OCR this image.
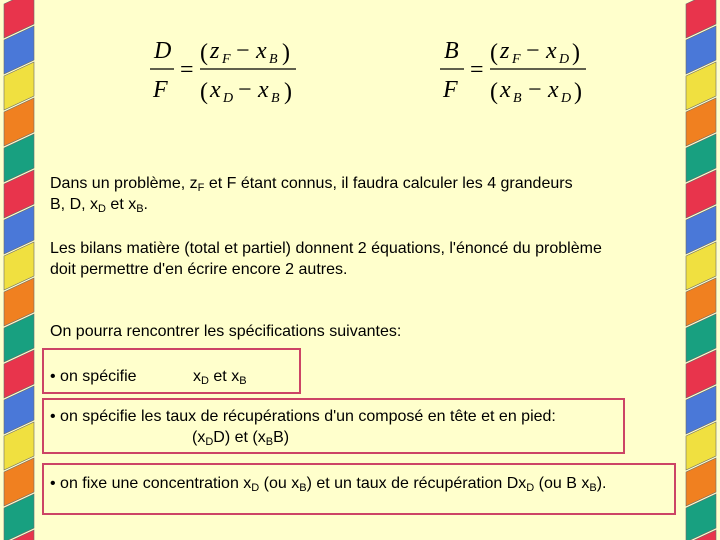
D
F
=
( z F − x B )
( x D − x B )
B
F
=
( z F − x D )
( x B − x D )
Dans un problème, $z_F$ et F étant connus, il faudra calculer les 4 grandeurs
B, D, $x_D$ et $x_B$.
Les bilans matière (total et partiel) donnent 2 équations, l'énoncé du problème
doit permettre d'en écrire encore 2 autres.
On pourra rencontrer les spécifications suivantes:
• on spécifie	$x_D$ et $x_B$
• on spécifie les taux de récupérations d'un composé en tête et en pied:
$(x_DD)$ et $(x_BB)$
• on fixe une concentration $x_D$ (ou $x_B$) et un taux de récupération $Dx_D$ (ou B $x_B$).
